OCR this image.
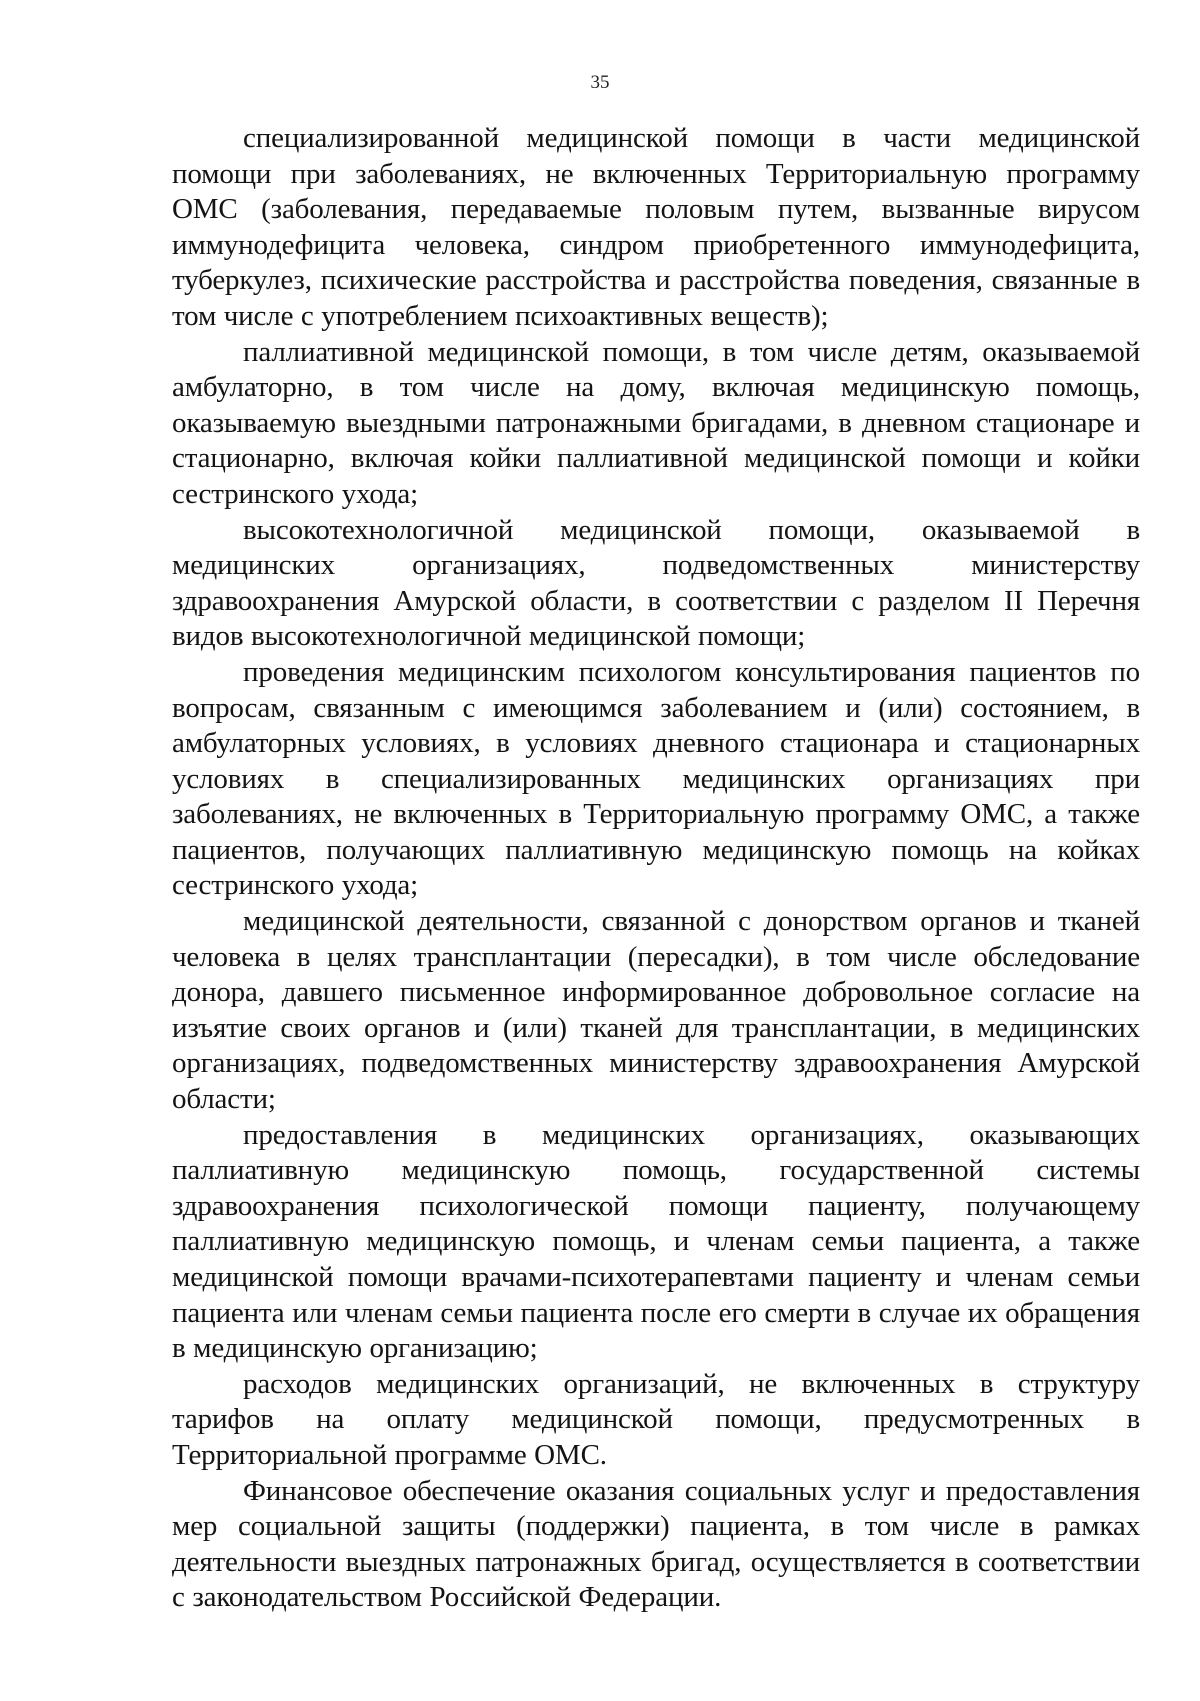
35

специализированной медицинской помощи в части медицинской помощи при заболеваниях, не включенных Территориальную программу ОМС (заболевания, передаваемые половым путем, вызванные вирусом иммунодефицита человека, синдром приобретенного иммунодефицита, туберкулез, психические расстройства и расстройства поведения, связанные в том числе с употреблением психоактивных веществ);

паллиативной медицинской помощи, в том числе детям, оказываемой амбулаторно, в том числе на дому, включая медицинскую помощь, оказываемую выездными патронажными бригадами, в дневном стационаре и стационарно, включая койки паллиативной медицинской помощи и койки сестринского ухода;

высокотехнологичной медицинской помощи, оказываемой в медицинских организациях, подведомственных министерству здравоохранения Амурской области, в соответствии с разделом II Перечня видов высокотехнологичной медицинской помощи;

проведения медицинским психологом консультирования пациентов по вопросам, связанным с имеющимся заболеванием и (или) состоянием, в амбулаторных условиях, в условиях дневного стационара и стационарных условиях в специализированных медицинских организациях при заболеваниях, не включенных в Территориальную программу ОМС, а также пациентов, получающих паллиативную медицинскую помощь на койках сестринского ухода;

медицинской деятельности, связанной с донорством органов и тканей человека в целях трансплантации (пересадки), в том числе обследование донора, давшего письменное информированное добровольное согласие на изъятие своих органов и (или) тканей для трансплантации, в медицинских организациях, подведомственных министерству здравоохранения Амурской области;

предоставления в медицинских организациях, оказывающих паллиативную медицинскую помощь, государственной системы здравоохранения психологической помощи пациенту, получающему паллиативную медицинскую помощь, и членам семьи пациента, а также медицинской помощи врачами-психотерапевтами пациенту и членам семьи пациента или членам семьи пациента после его смерти в случае их обращения в медицинскую организацию;

расходов медицинских организаций, не включенных в структуру тарифов на оплату медицинской помощи, предусмотренных в Территориальной программе ОМС.

Финансовое обеспечение оказания социальных услуг и предоставления мер социальной защиты (поддержки) пациента, в том числе в рамках деятельности выездных патронажных бригад, осуществляется в соответствии с законодательством Российской Федерации.
